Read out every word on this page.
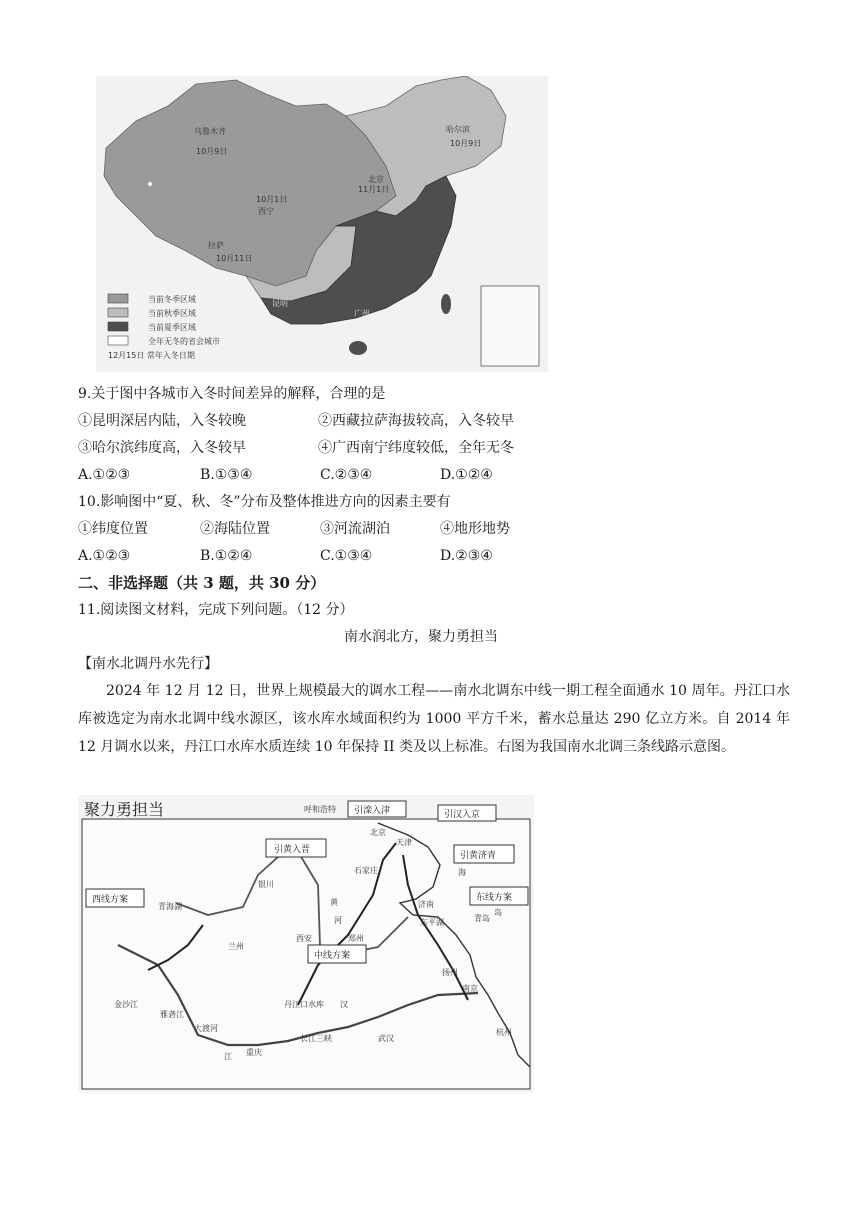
乌鲁木齐
10月9日
哈尔滨
10月9日
北京
11月1日
10月1日
西宁
拉萨
10月11日
昆明
广州
当前冬季区域
当前秋季区域
当前夏季区域
全年无冬的省会城市
12月15日 常年入冬日期
9.关于图中各城市入冬时间差异的解释，合理的是
①昆明深居内陆，入冬较晚	②西藏拉萨海拔较高，入冬较早
③哈尔滨纬度高，入冬较早	④广西南宁纬度较低，全年无冬
A.①②③	B.①③④	C.②③④	D.①②④
10.影响图中“夏、秋、冬”分布及整体推进方向的因素主要有
①纬度位置	②海陆位置	③河流湖泊	④地形地势
A.①②③	B.①②④	C.①③④	D.②③④
二、非选择题（共 3 题，共 30 分）
11.阅读图文材料，完成下列问题。（12 分）
南水润北方，聚力勇担当
【南水北调丹水先行】
2024 年 12 月 12 日，世界上规模最大的调水工程——南水北调东中线一期工程全面通水 10 周年。丹江口水库被选定为南水北调中线水源区，该水库水域面积约为 1000 平方千米，蓄水总量达 290 亿立方米。自 2014 年 12 月调水以来，丹江口水库水质连续 10 年保持 II 类及以上标准。右图为我国南水北调三条线路示意图。
聚力勇担当	引滦入津	引汉入京
引黄入晋
引黄济青
西线方案
中线方案
东线方案
呼和浩特
北京
天津
石家庄
银川
青海湖
兰州
西安	郑州
济南
东平湖	青岛
扬州
南京
杭州
武汉
重庆
丹江口水库
长江三峡
黄
河
汉
江
金沙江
雅砻江
大渡河
海
岛
